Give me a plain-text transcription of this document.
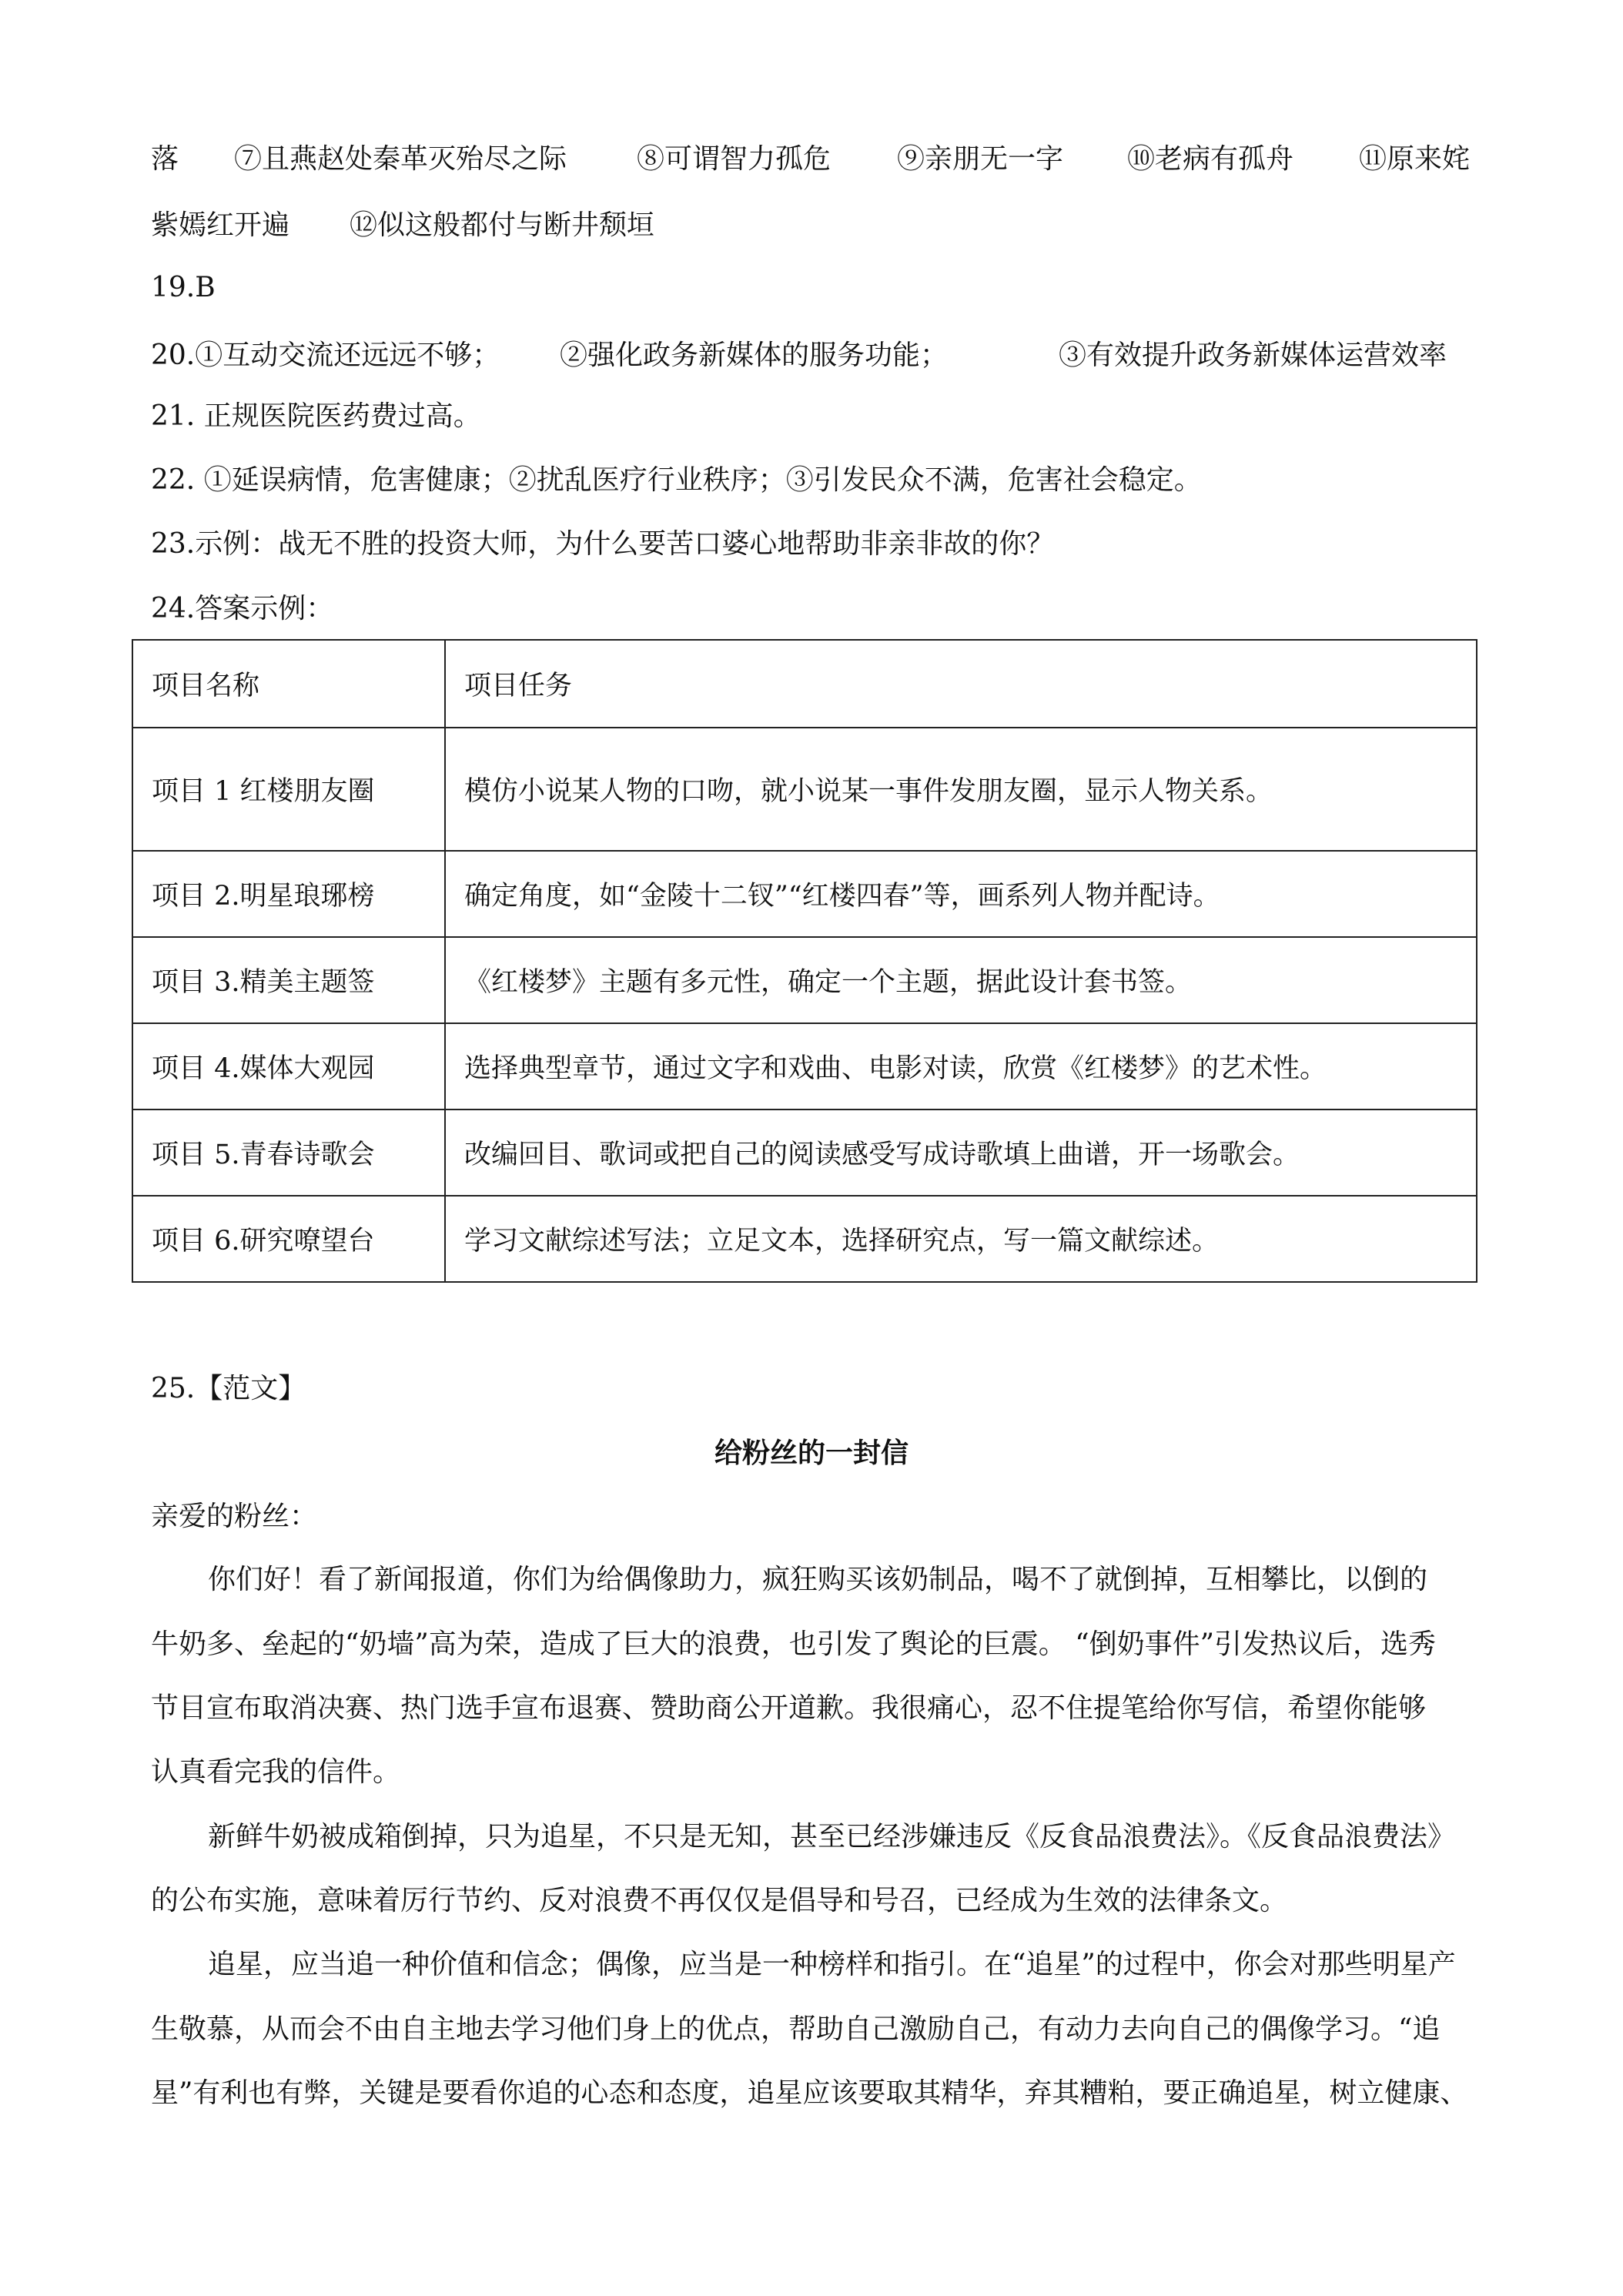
落 ⑦且燕赵处秦革灭殆尽之际	⑧可谓智力孤危 ⑨亲朋无一字 ⑩老病有孤舟 ⑪原来姹
紫嫣红开遍 ⑫似这般都付与断井颓垣
19.B
20.①互动交流还远远不够； ②强化政务新媒体的服务功能；	③有效提升政务新媒体运营效率
21. 正规医院医药费过高。
22. ①延误病情，危害健康；②扰乱医疗行业秩序；③引发民众不满，危害社会稳定。
23.示例：战无不胜的投资大师，为什么要苦口婆心地帮助非亲非故的你？
24.答案示例：
项目名称	项目任务
项目 1 红楼朋友圈	模仿小说某人物的口吻，就小说某一事件发朋友圈，显示人物关系。
项目 2.明星琅琊榜	确定角度，如“金陵十二钗”“红楼四春”等，画系列人物并配诗。
项目 3.精美主题签	《红楼梦》主题有多元性，确定一个主题，据此设计套书签。
项目 4.媒体大观园	选择典型章节，通过文字和戏曲、电影对读，欣赏《红楼梦》的艺术性。
项目 5.青春诗歌会	改编回目、歌词或把自己的阅读感受写成诗歌填上曲谱，开一场歌会。
项目 6.研究嘹望台	学习文献综述写法；立足文本，选择研究点，写一篇文献综述。
25.【范文】
给粉丝的一封信
亲爱的粉丝：
你们好！看了新闻报道，你们为给偶像助力，疯狂购买该奶制品，喝不了就倒掉，互相攀比，以倒的
牛奶多、垒起的“奶墙”高为荣，造成了巨大的浪费，也引发了舆论的巨震。 “倒奶事件”引发热议后，选秀
节目宣布取消决赛、热门选手宣布退赛、赞助商公开道歉。我很痛心，忍不住提笔给你写信，希望你能够
认真看完我的信件。
新鲜牛奶被成箱倒掉，只为追星，不只是无知，甚至已经涉嫌违反《反食品浪费法》。《反食品浪费法》
的公布实施，意味着厉行节约、反对浪费不再仅仅是倡导和号召，已经成为生效的法律条文。
追星，应当追一种价值和信念；偶像，应当是一种榜样和指引。在“追星”的过程中，你会对那些明星产
生敬慕，从而会不由自主地去学习他们身上的优点，帮助自己激励自己，有动力去向自己的偶像学习。“追
星”有利也有弊，关键是要看你追的心态和态度，追星应该要取其精华，弃其糟粕，要正确追星，树立健康、
